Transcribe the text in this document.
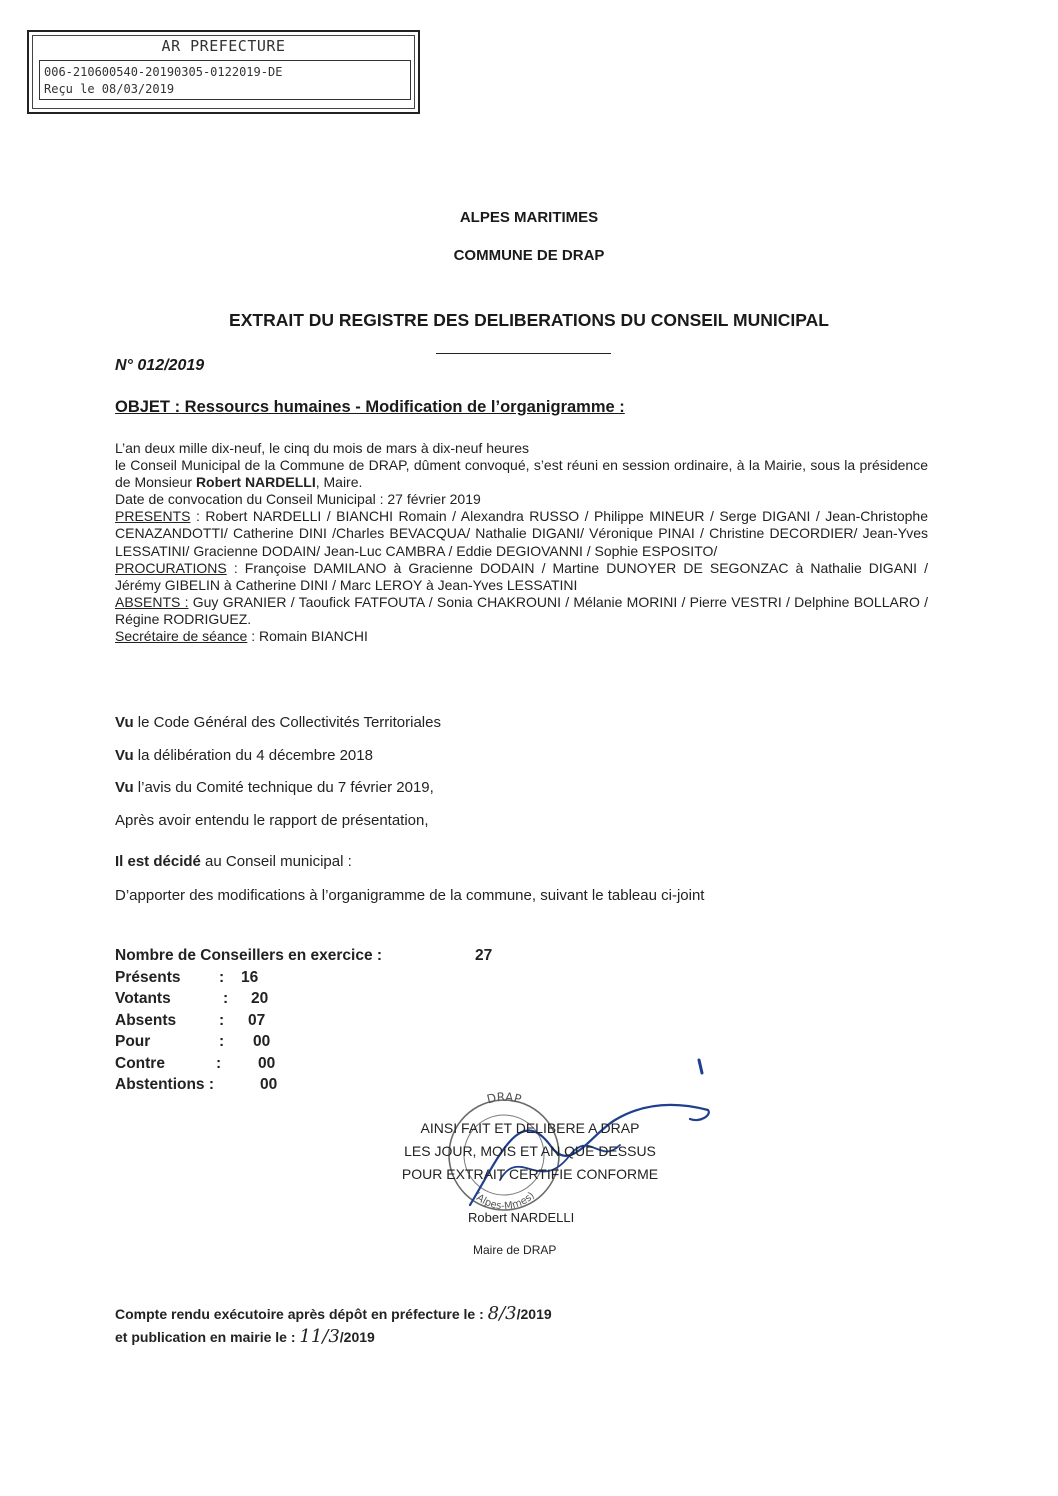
AR PREFECTURE
006-210600540-20190305-0122019-DE
Reçu le 08/03/2019
ALPES MARITIMES
COMMUNE DE DRAP
EXTRAIT DU REGISTRE DES DELIBERATIONS DU CONSEIL MUNICIPAL
N° 012/2019
OBJET : Ressourcs humaines - Modification de l’organigramme :

L’an deux mille dix-neuf, le cinq du mois de mars à dix-neuf heures

le Conseil Municipal de la Commune de DRAP, dûment convoqué, s’est réuni en session ordinaire, à la Mairie, sous la présidence de Monsieur Robert NARDELLI, Maire.

Date de convocation du Conseil Municipal : 27 février 2019

PRESENTS : Robert NARDELLI / BIANCHI Romain / Alexandra RUSSO / Philippe MINEUR / Serge DIGANI / Jean-Christophe CENAZANDOTTI/ Catherine DINI /Charles BEVACQUA/ Nathalie DIGANI/ Véronique PINAI / Christine DECORDIER/ Jean-Yves LESSATINI/ Gracienne DODAIN/ Jean-Luc CAMBRA / Eddie DEGIOVANNI / Sophie ESPOSITO/

PROCURATIONS : Françoise DAMILANO à Gracienne DODAIN / Martine DUNOYER DE SEGONZAC à Nathalie DIGANI / Jérémy GIBELIN à Catherine DINI / Marc LEROY à Jean-Yves LESSATINI

ABSENTS : Guy GRANIER / Taoufick FATFOUTA / Sonia CHAKROUNI / Mélanie MORINI / Pierre VESTRI / Delphine BOLLARO / Régine RODRIGUEZ.

Secrétaire de séance : Romain BIANCHI

Vu le Code Général des Collectivités Territoriales
Vu la délibération du 4 décembre 2018
Vu l’avis du Comité technique du 7 février 2019,
Après avoir entendu le rapport de présentation,
Il est décidé au Conseil municipal :
D’apporter des modifications à l’organigramme de la commune, suivant le tableau ci-joint
Nombre de Conseillers en exercice :	27
Présents : 16
Votants	: 20
Absents	: 07
Pour	: 00
Contre	: 00
Abstentions :	00
DRAP
(Alpes-Mmes)
AINSI FAIT ET DELIBERE A DRAP
LES JOUR, MOIS ET AN QUE DESSUS
POUR EXTRAIT CERTIFIE CONFORME
Robert NARDELLI
Maire de DRAP
Compte rendu exécutoire après dépôt en préfecture le : 8/3/2019
et publication en mairie le : 11/3/2019
